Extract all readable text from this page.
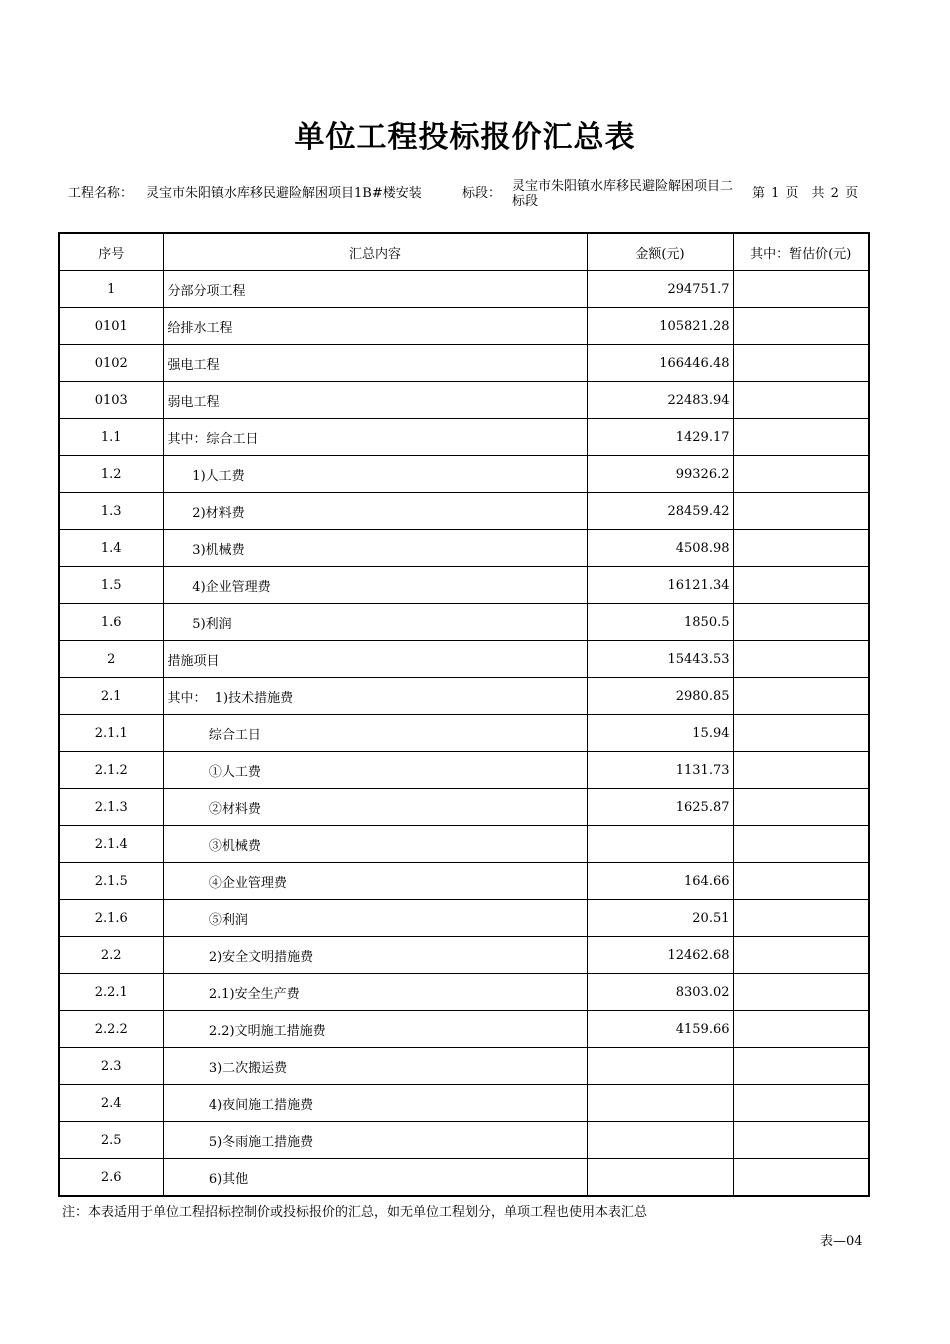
单位工程投标报价汇总表
工程名称： 灵宝市朱阳镇水库移民避险解困项目1B#楼安装	标段： 灵宝市朱阳镇水库移民避险解困项目二标段
第 1 页　共 2 页
序号	汇总内容	金额(元)	其中：暂估价(元)
1	分部分项工程	294751.7	
0101	给排水工程	105821.28	
0102	强电工程	166446.48	
0103	弱电工程	22483.94	
1.1	其中：综合工日	1429.17	
1.2	1)人工费	99326.2	
1.3	2)材料费	28459.42	
1.4	3)机械费	4508.98	
1.5	4)企业管理费	16121.34	
1.6	5)利润	1850.5	
2	措施项目	15443.53	
2.1	其中：  1)技术措施费	2980.85	
2.1.1	综合工日	15.94	
2.1.2	①人工费	1131.73	
2.1.3	②材料费	1625.87	
2.1.4	③机械费		
2.1.5	④企业管理费	164.66	
2.1.6	⑤利润	20.51	
2.2	2)安全文明措施费	12462.68	
2.2.1	2.1)安全生产费	8303.02	
2.2.2	2.2)文明施工措施费	4159.66	
2.3	3)二次搬运费		
2.4	4)夜间施工措施费		
2.5	5)冬雨施工措施费		
2.6	6)其他		
注：本表适用于单位工程招标控制价或投标报价的汇总，如无单位工程划分，单项工程也使用本表汇总
表—04
